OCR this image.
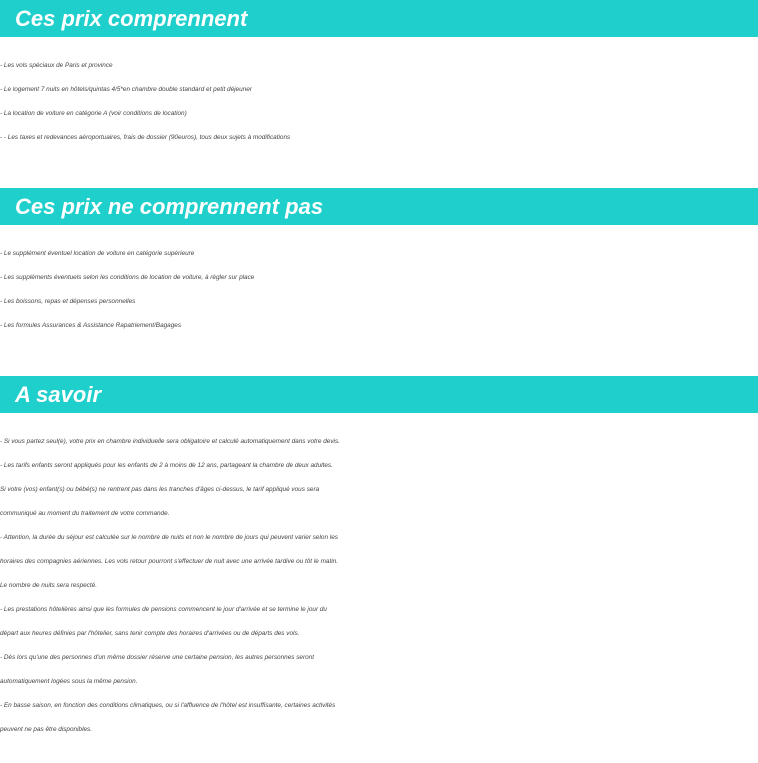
Ces prix comprennent
- Les vols spéciaux de Paris et province
- Le logement 7 nuits en hôtels/quintas 4/5*en chambre double standard et petit déjeuner
- La location de voiture en catégorie A (voir conditions de location)
- - Les taxes et redevances aéroportuaires, frais de dossier (90euros), tous deux sujets à modifications
Ces prix ne comprennent pas
- Le supplément éventuel location de voiture en catégorie supérieure
- Les suppléments éventuels selon les conditions de location de voiture, à régler sur place
- Les boissons, repas et dépenses personnelles
- Les formules Assurances & Assistance Rapatriement/Bagages
A savoir
- Si vous partez seul(e), votre prix en chambre individuelle sera obligatoire et calculé automatiquement dans votre devis.
- Les tarifs enfants seront appliqués pour les enfants de 2 à moins de 12 ans, partageant la chambre de deux adultes.
Si votre (vos) enfant(s) ou bébé(s) ne rentrent pas dans les tranches d'âges ci-dessus, le tarif appliqué vous sera
communiqué au moment du traitement de votre commande.
- Attention, la durée du séjour est calculée sur le nombre de nuits et non le nombre de jours qui peuvent varier selon les
horaires des compagnies aériennes. Les vols retour pourront s'effectuer de nuit avec une arrivée tardive ou tôt le matin.
Le nombre de nuits sera respecté.
- Les prestations hôtelières ainsi que les formules de pensions commencent le jour d'arrivée et se termine le jour du
départ aux heures définies par l'hôtelier, sans tenir compte des horaires d'arrivées ou de départs des vols.
- Dès lors qu'une des personnes d'un même dossier réserve une certaine pension, les autres personnes seront
automatiquement logées sous la même pension.
- En basse saison, en fonction des conditions climatiques, ou si l'affluence de l'hôtel est insuffisante, certaines activités
peuvent ne pas être disponibles.
